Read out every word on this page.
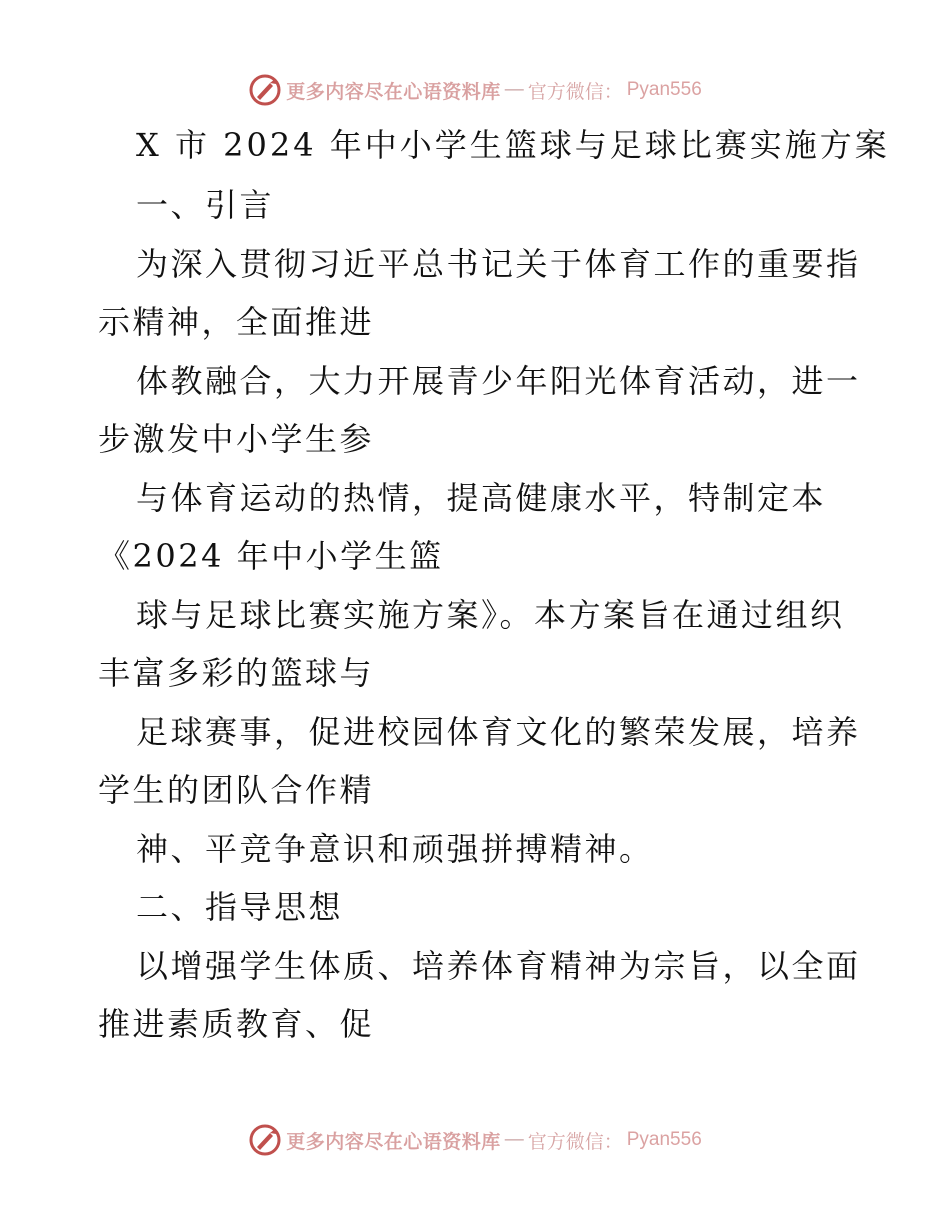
更多内容尽在心语资料库 — 官方微信： Pyan556
X 市 2024 年中小学生篮球与足球比赛实施方案
一、引言
为深入贯彻习近平总书记关于体育工作的重要指
示精神，全面推进
体教融合，大力开展青少年阳光体育活动，进一
步激发中小学生参
与体育运动的热情，提高健康水平，特制定本
《2024 年中小学生篮
球与足球比赛实施方案》。本方案旨在通过组织
丰富多彩的篮球与
足球赛事，促进校园体育文化的繁荣发展，培养
学生的团队合作精
神、平竞争意识和顽强拼搏精神。
二、指导思想
以增强学生体质、培养体育精神为宗旨，以全面
推进素质教育、促
更多内容尽在心语资料库 — 官方微信： Pyan556
